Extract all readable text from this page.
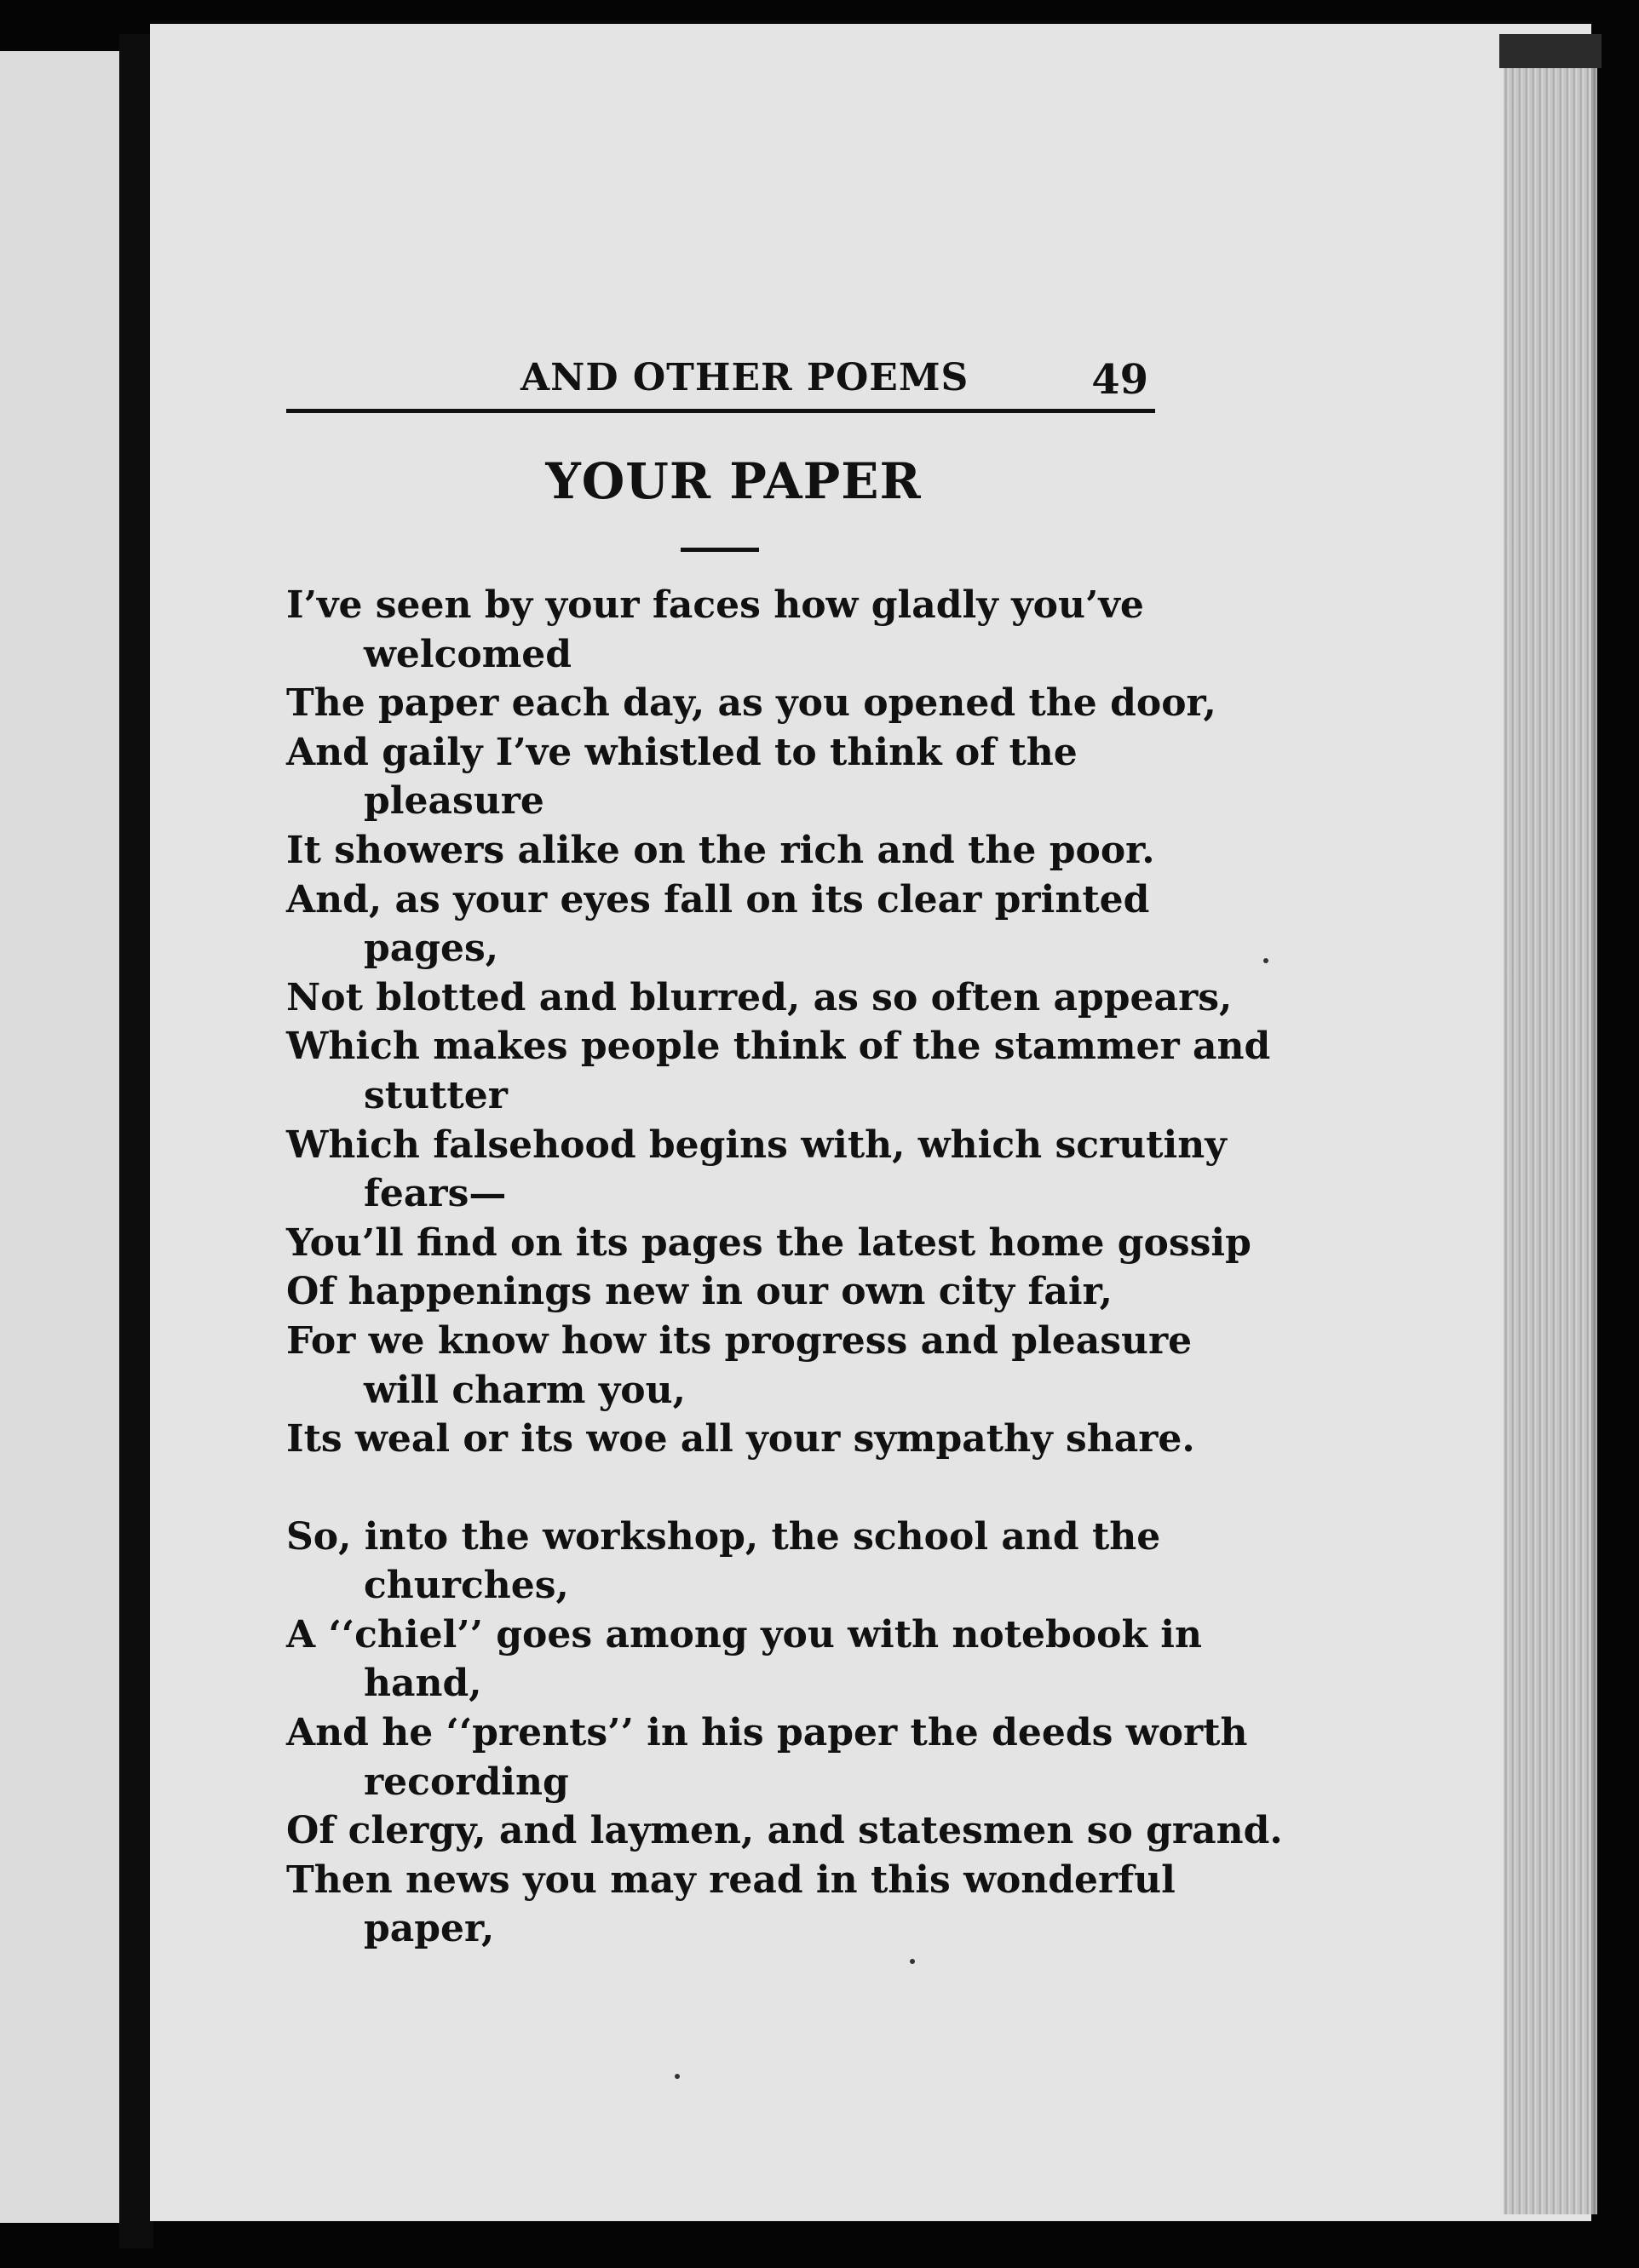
AND OTHER POEMS	49
YOUR PAPER
I’ve seen by your faces how gladly you’ve
welcomed
The paper each day, as you opened the door,
And gaily I’ve whistled to think of the
pleasure
It showers alike on the rich and the poor.
And, as your eyes fall on its clear printed
pages,
Not blotted and blurred, as so often appears,
Which makes people think of the stammer and
stutter
Which falsehood begins with, which scrutiny
fears—
You’ll find on its pages the latest home gossip
Of happenings new in our own city fair,
For we know how its progress and pleasure
will charm you,
Its weal or its woe all your sympathy share.
So, into the workshop, the school and the
churches,
A ‘‘chiel’’ goes among you with notebook in
hand,
And he ‘‘prents’’ in his paper the deeds worth
recording
Of clergy, and laymen, and statesmen so grand.
Then news you may read in this wonderful
paper,
